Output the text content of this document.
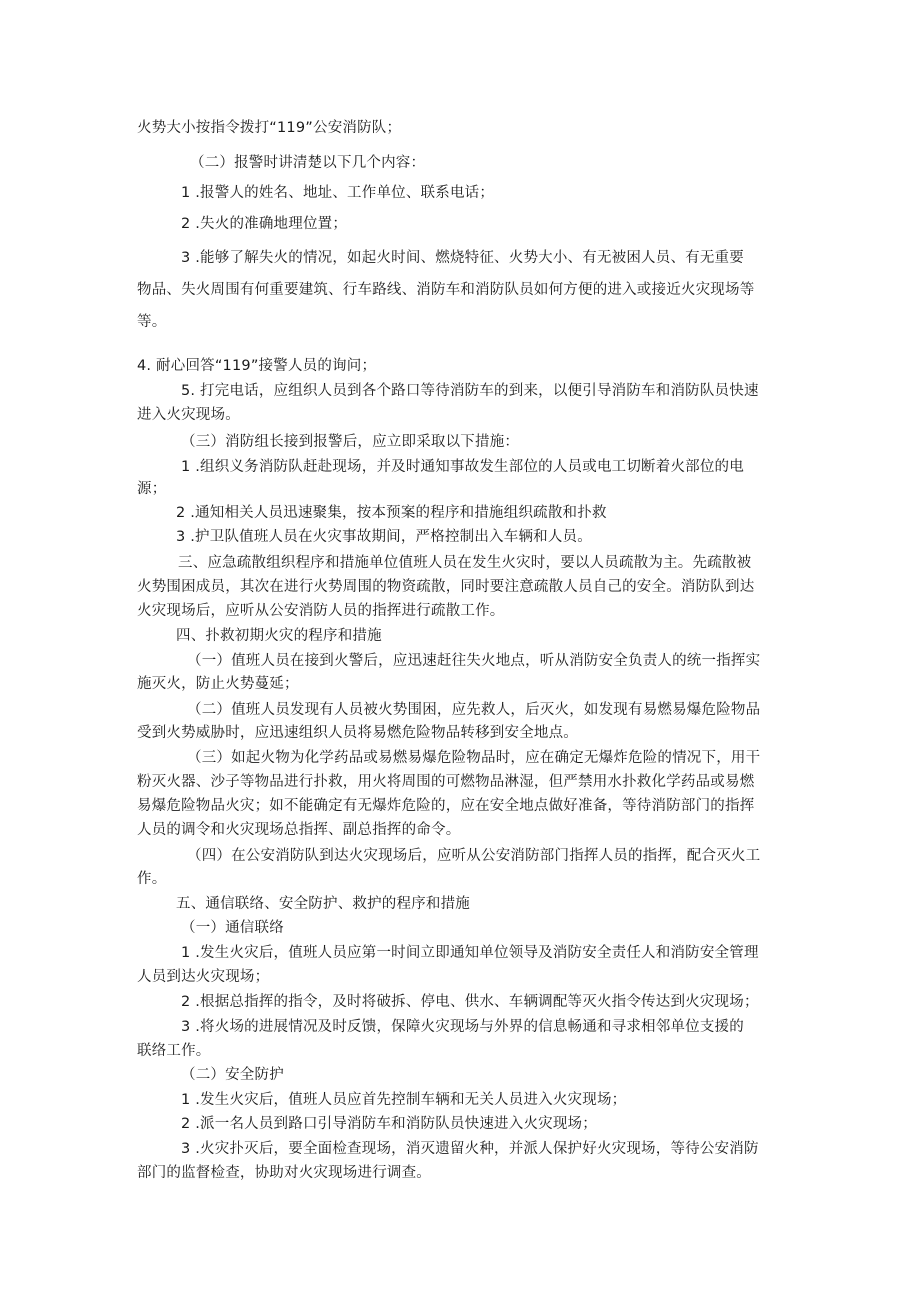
火势大小按指令拨打“119”公安消防队；
（二）报警时讲清楚以下几个内容：
1 .报警人的姓名、地址、工作单位、联系电话；
2 .失火的准确地理位置；
3 .能够了解失火的情况，如起火时间、燃烧特征、火势大小、有无被困人员、有无重要
物品、失火周围有何重要建筑、行车路线、消防车和消防队员如何方便的进入或接近火灾现场等
等。
4. 耐心回答“119”接警人员的询问；
5. 打完电话，应组织人员到各个路口等待消防车的到来，以便引导消防车和消防队员快速
进入火灾现场。
（三）消防组长接到报警后，应立即采取以下措施：
1 .组织义务消防队赶赴现场，并及时通知事故发生部位的人员或电工切断着火部位的电
源；
2 .通知相关人员迅速聚集，按本预案的程序和措施组织疏散和扑救
3 .护卫队值班人员在火灾事故期间，严格控制出入车辆和人员。
三、应急疏散组织程序和措施单位值班人员在发生火灾时，要以人员疏散为主。先疏散被
火势围困成员，其次在进行火势周围的物资疏散，同时要注意疏散人员自己的安全。消防队到达
火灾现场后，应听从公安消防人员的指挥进行疏散工作。
四、扑救初期火灾的程序和措施
（一）值班人员在接到火警后，应迅速赶往失火地点，听从消防安全负责人的统一指挥实
施灭火，防止火势蔓延；
（二）值班人员发现有人员被火势围困，应先救人，后灭火，如发现有易燃易爆危险物品
受到火势威胁时，应迅速组织人员将易燃危险物品转移到安全地点。
（三）如起火物为化学药品或易燃易爆危险物品时，应在确定无爆炸危险的情况下，用干
粉灭火器、沙子等物品进行扑救，用火将周围的可燃物品淋湿，但严禁用水扑救化学药品或易燃
易爆危险物品火灾；如不能确定有无爆炸危险的，应在安全地点做好准备，等待消防部门的指挥
人员的调令和火灾现场总指挥、副总指挥的命令。
（四）在公安消防队到达火灾现场后，应听从公安消防部门指挥人员的指挥，配合灭火工
作。
五、通信联络、安全防护、救护的程序和措施
（一）通信联络
1 .发生火灾后，值班人员应第一时间立即通知单位领导及消防安全责任人和消防安全管理
人员到达火灾现场；
2 .根据总指挥的指令，及时将破拆、停电、供水、车辆调配等灭火指令传达到火灾现场；
3 .将火场的进展情况及时反馈，保障火灾现场与外界的信息畅通和寻求相邻单位支援的
联络工作。
（二）安全防护
1 .发生火灾后，值班人员应首先控制车辆和无关人员进入火灾现场；
2 .派一名人员到路口引导消防车和消防队员快速进入火灾现场；
3 .火灾扑灭后，要全面检查现场，消灭遗留火种，并派人保护好火灾现场，等待公安消防
部门的监督检查，协助对火灾现场进行调查。
